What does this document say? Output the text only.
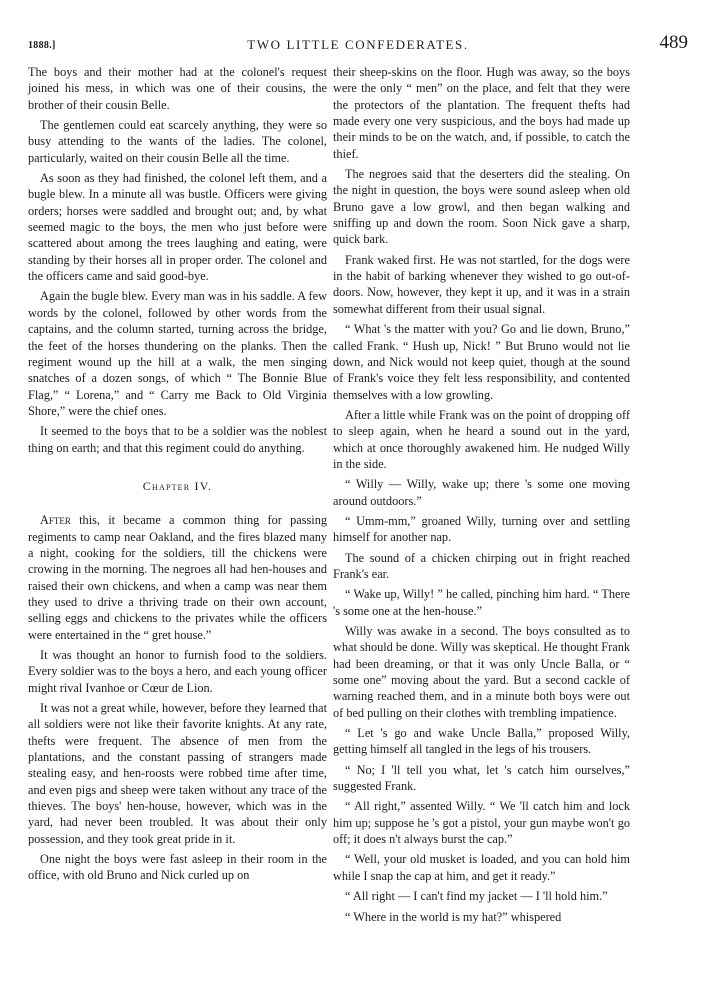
1888.]	TWO LITTLE CONFEDERATES.	489

The boys and their mother had at the colonel's request joined his mess, in which was one of their cousins, the brother of their cousin Belle.

The gentlemen could eat scarcely anything, they were so busy attending to the wants of the ladies. The colonel, particularly, waited on their cousin Belle all the time.

As soon as they had finished, the colonel left them, and a bugle blew. In a minute all was bustle. Officers were giving orders; horses were saddled and brought out; and, by what seemed magic to the boys, the men who just before were scattered about among the trees laughing and eating, were standing by their horses all in proper order. The colonel and the officers came and said good-bye.

Again the bugle blew. Every man was in his saddle. A few words by the colonel, followed by other words from the captains, and the column started, turning across the bridge, the feet of the horses thundering on the planks. Then the regiment wound up the hill at a walk, the men singing snatches of a dozen songs, of which “ The Bonnie Blue Flag,” “ Lorena,” and “ Carry me Back to Old Virginia Shore,” were the chief ones.

It seemed to the boys that to be a soldier was the noblest thing on earth; and that this regiment could do anything.

Chapter IV.

After this, it became a common thing for passing regiments to camp near Oakland, and the fires blazed many a night, cooking for the soldiers, till the chickens were crowing in the morning. The negroes all had hen-houses and raised their own chickens, and when a camp was near them they used to drive a thriving trade on their own account, selling eggs and chickens to the privates while the officers were entertained in the “ gret house.”

It was thought an honor to furnish food to the soldiers. Every soldier was to the boys a hero, and each young officer might rival Ivanhoe or Cœur de Lion.

It was not a great while, however, before they learned that all soldiers were not like their favorite knights. At any rate, thefts were frequent. The absence of men from the plantations, and the constant passing of strangers made stealing easy, and hen-roosts were robbed time after time, and even pigs and sheep were taken without any trace of the thieves. The boys' hen-house, however, which was in the yard, had never been troubled. It was about their only possession, and they took great pride in it.

One night the boys were fast asleep in their room in the office, with old Bruno and Nick curled up on

their sheep-skins on the floor. Hugh was away, so the boys were the only “ men” on the place, and felt that they were the protectors of the plantation. The frequent thefts had made every one very suspicious, and the boys had made up their minds to be on the watch, and, if possible, to catch the thief.

The negroes said that the deserters did the stealing. On the night in question, the boys were sound asleep when old Bruno gave a low growl, and then began walking and sniffing up and down the room. Soon Nick gave a sharp, quick bark.

Frank waked first. He was not startled, for the dogs were in the habit of barking whenever they wished to go out-of-doors. Now, however, they kept it up, and it was in a strain somewhat different from their usual signal.

“ What 's the matter with you? Go and lie down, Bruno,” called Frank. “ Hush up, Nick! ” But Bruno would not lie down, and Nick would not keep quiet, though at the sound of Frank's voice they felt less responsibility, and contented themselves with a low growling.

After a little while Frank was on the point of dropping off to sleep again, when he heard a sound out in the yard, which at once thoroughly awakened him. He nudged Willy in the side.

“ Willy — Willy, wake up; there 's some one moving around outdoors.”

“ Umm-mm,” groaned Willy, turning over and settling himself for another nap.

The sound of a chicken chirping out in fright reached Frank's ear.

“ Wake up, Willy! ” he called, pinching him hard. “ There 's some one at the hen-house.”

Willy was awake in a second. The boys consulted as to what should be done. Willy was skeptical. He thought Frank had been dreaming, or that it was only Uncle Balla, or “ some one” moving about the yard. But a second cackle of warning reached them, and in a minute both boys were out of bed pulling on their clothes with trembling impatience.

“ Let 's go and wake Uncle Balla,” proposed Willy, getting himself all tangled in the legs of his trousers.

“ No; I 'll tell you what, let 's catch him ourselves,” suggested Frank.

“ All right,” assented Willy. “ We 'll catch him and lock him up; suppose he 's got a pistol, your gun maybe won't go off; it does n't always burst the cap.”

“ Well, your old musket is loaded, and you can hold him while I snap the cap at him, and get it ready.”

“ All right — I can't find my jacket — I 'll hold him.”

“ Where in the world is my hat?” whispered
